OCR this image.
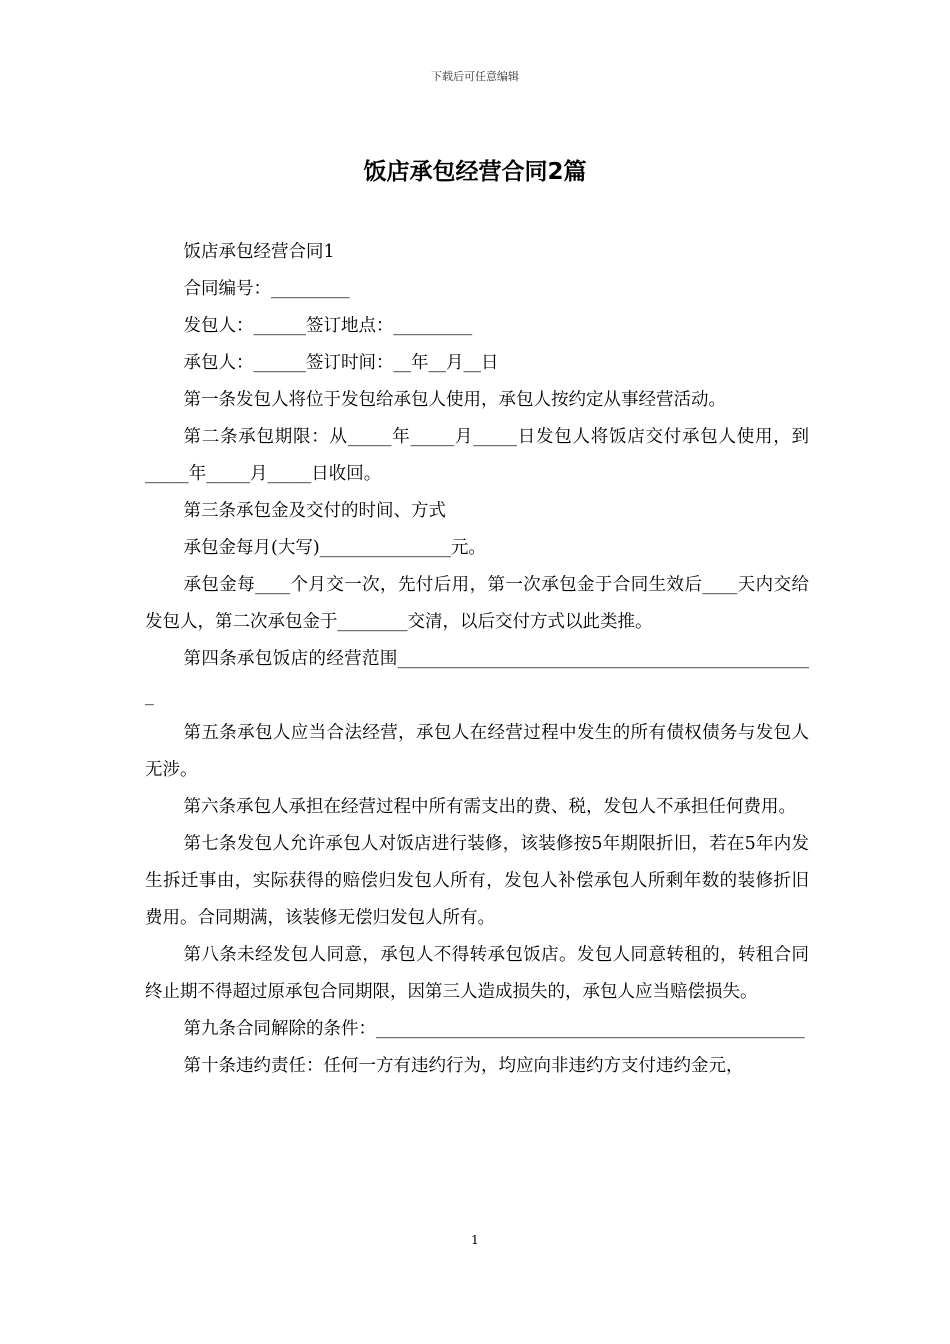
下载后可任意编辑
饭店承包经营合同2篇

饭店承包经营合同1

合同编号：_________

发包人：______签订地点：_________

承包人：______签订时间：__年__月__日

第一条发包人将位于发包给承包人使用，承包人按约定从事经营活动。

第二条承包期限：从_____年_____月_____日发包人将饭店交付承包人使用，到_____年_____月_____日收回。

第三条承包金及交付的时间、方式

承包金每月(大写)_______________元。

承包金每____个月交一次，先付后用，第一次承包金于合同生效后____天内交给发包人，第二次承包金于________交清，以后交付方式以此类推。

第四条承包饭店的经营范围________________________________________________

第五条承包人应当合法经营，承包人在经营过程中发生的所有债权债务与发包人无涉。

第六条承包人承担在经营过程中所有需支出的费、税，发包人不承担任何费用。

第七条发包人允许承包人对饭店进行装修，该装修按5年期限折旧，若在5年内发生拆迁事由，实际获得的赔偿归发包人所有，发包人补偿承包人所剩年数的装修折旧费用。合同期满，该装修无偿归发包人所有。

第八条未经发包人同意，承包人不得转承包饭店。发包人同意转租的，转租合同终止期不得超过原承包合同期限，因第三人造成损失的，承包人应当赔偿损失。

第九条合同解除的条件：_________________________________________________

第十条违约责任：任何一方有违约行为，均应向非违约方支付违约金元，

1
